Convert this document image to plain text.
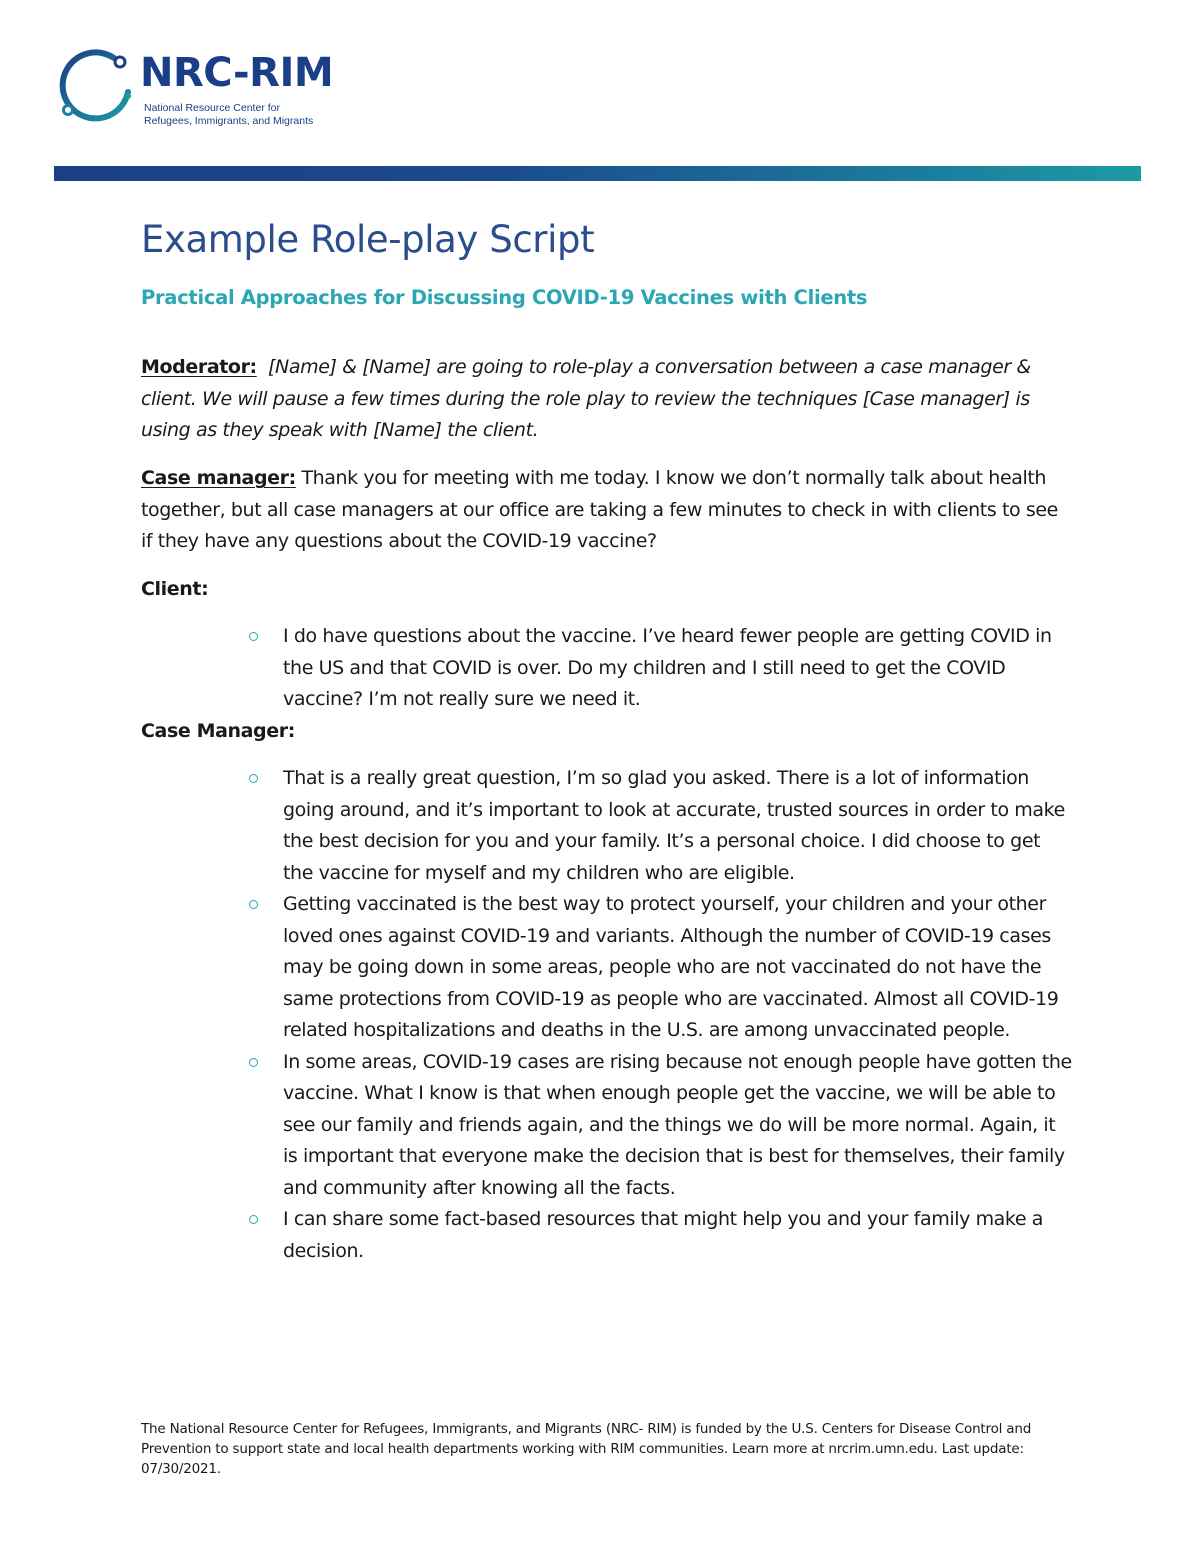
NRC-RIM
National Resource Center for
Refugees, Immigrants, and Migrants
Example Role-play Script
Practical Approaches for Discussing COVID-19 Vaccines with Clients

Moderator: [Name] & [Name] are going to role-play a conversation between a case manager & client. We will pause a few times during the role play to review the techniques [Case manager] is using as they speak with [Name] the client.

Case manager: Thank you for meeting with me today. I know we don’t normally talk about health together, but all case managers at our office are taking a few minutes to check in with clients to see if they have any questions about the COVID-19 vaccine?

Client:

I do have questions about the vaccine. I’ve heard fewer people are getting COVID in the US and that COVID is over. Do my children and I still need to get the COVID vaccine? I’m not really sure we need it.

Case Manager:

That is a really great question, I’m so glad you asked. There is a lot of information going around, and it’s important to look at accurate, trusted sources in order to make the best decision for you and your family. It’s a personal choice. I did choose to get the vaccine for myself and my children who are eligible.
Getting vaccinated is the best way to protect yourself, your children and your other loved ones against COVID-19 and variants. Although the number of COVID-19 cases may be going down in some areas, people who are not vaccinated do not have the same protections from COVID-19 as people who are vaccinated. Almost all COVID-19 related hospitalizations and deaths in the U.S. are among unvaccinated people.
In some areas, COVID-19 cases are rising because not enough people have gotten the vaccine. What I know is that when enough people get the vaccine, we will be able to see our family and friends again, and the things we do will be more normal. Again, it is important that everyone make the decision that is best for themselves, their family and community after knowing all the facts.
I can share some fact-based resources that might help you and your family make a decision.

The National Resource Center for Refugees, Immigrants, and Migrants (NRC- RIM) is funded by the U.S. Centers for Disease Control and Prevention to support state and local health departments working with RIM communities. Learn more at nrcrim.umn.edu. Last update: 07/30/2021.
